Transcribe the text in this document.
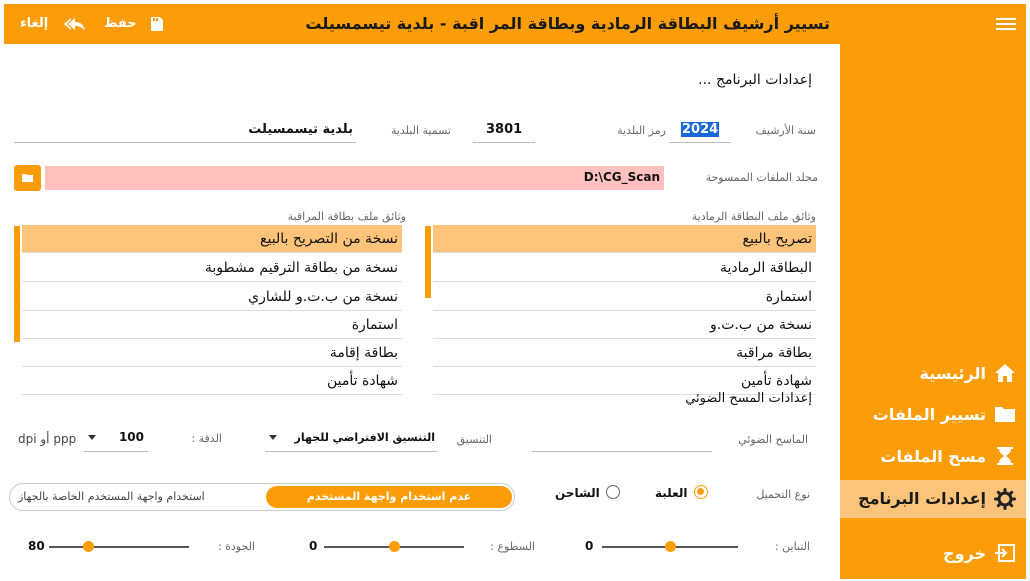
تسيير أرشيف البطاقة الرمادية وبطاقة المر اقبة - بلدية تيسمسيلت
حفظ
إلغاء
الرئيسية
تسيير الملفات
مسح الملفات
إعدادات البرنامج
خروج
إعدادات البرنامج ...
سنة الأرشيف
2024
رمز البلدية
3801
تسمية البلدية
بلدية تيسمسيلت
مجلد الملفات الممسوحة
D:\CG_Scan
وثائق ملف البطاقة الرمادية
تصريح بالبيع
البطاقة الرمادية
استمارة
نسخة من ب.ت.و
بطاقة مراقبة
شهادة تأمين
وثائق ملف بطاقة المراقبة
نسخة من التصريح بالبيع
نسخة من بطاقة الترقيم مشطوبة
نسخة من ب.ت.و للشاري
استمارة
بطاقة إقامة
شهادة تأمين
إعدادات المسح الضوئي
الماسح الضوئي
التنسيق
التنسيق الافتراضي للجهاز
الدقة :
100
dpi أو ppp
عدم استخدام واجهة المستخدم
استخدام واجهة المستخدم الخاصة بالجهاز	نوع التحميل
العلبة
الشاحن
التباين :
0
السطوع :
0
الجودة :
80
